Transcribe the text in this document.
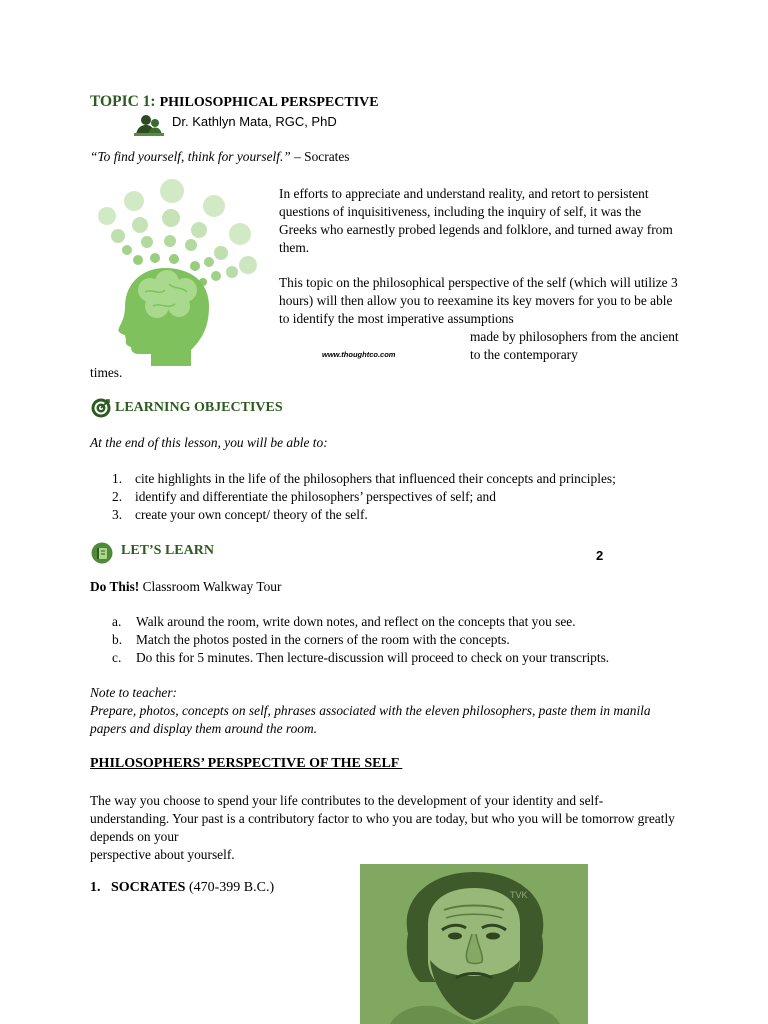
TOPIC 1: PHILOSOPHICAL PERSPECTIVE
Dr. Kathlyn Mata, RGC, PhD
“To find yourself, think for yourself.” – Socrates
In efforts to appreciate and understand reality, and retort to persistent questions of inquisitiveness, including the inquiry of self, it was the Greeks who earnestly probed legends and folklore, and turned away from them.
This topic on the philosophical perspective of the self (which will utilize 3 hours) will then allow you to reexamine its key movers for you to be able to identify the most imperative assumptions
made by philosophers from the ancient to the contemporary
www.thoughtco.com
times.
LEARNING OBJECTIVES
At the end of this lesson, you will be able to:
1. cite highlights in the life of the philosophers that influenced their concepts and principles;
2. identify and differentiate the philosophers’ perspectives of self; and
3. create your own concept/ theory of the self.
LET’S LEARN	2
Do This! Classroom Walkway Tour
a.	Walk around the room, write down notes, and reflect on the concepts that you see.
b.	Match the photos posted in the corners of the room with the concepts.
c.	Do this for 5 minutes. Then lecture-discussion will proceed to check on your transcripts.
Note to teacher:
Prepare, photos, concepts on self, phrases associated with the eleven philosophers, paste them in manila papers and display them around the room.
PHILOSOPHERS’ PERSPECTIVE OF THE SELF
The way you choose to spend your life contributes to the development of your identity and self-understanding. Your past is a contributory factor to who you are today, but who you will be tomorrow greatly depends on your
perspective about yourself.
1. SOCRATES (470-399 B.C.)	TVK
